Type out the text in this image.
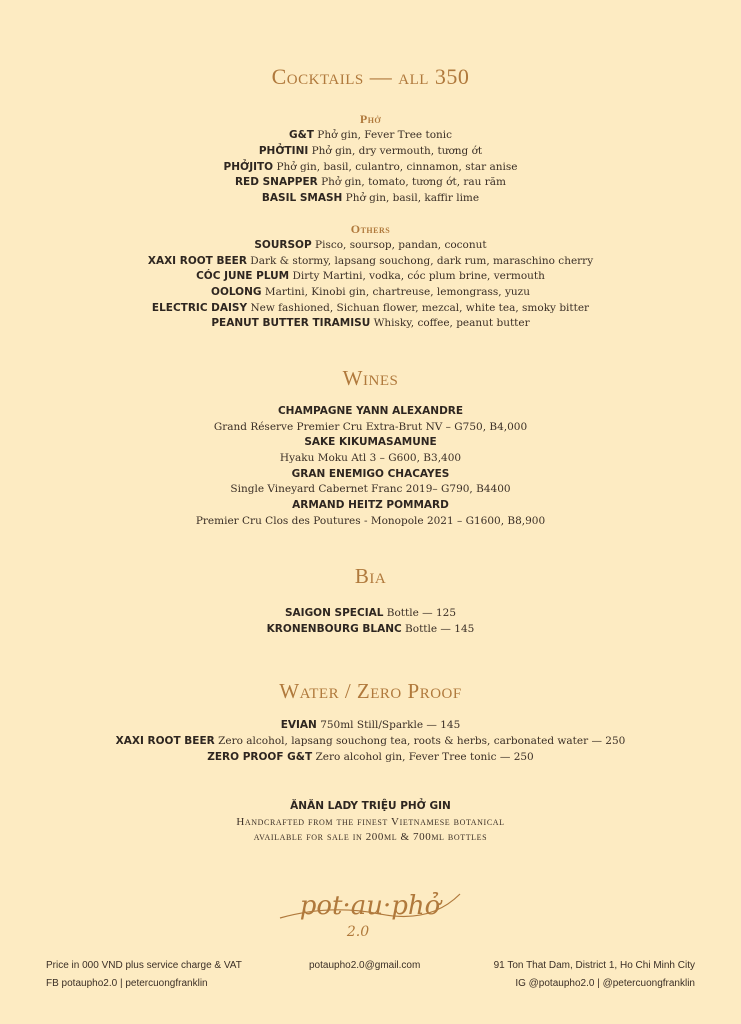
Cocktails — all 350
Phở
G&T Phở gin, Fever Tree tonic
PHỞTINI Phở gin, dry vermouth, tương ớt
PHỞJITO Phở gin, basil, culantro, cinnamon, star anise
RED SNAPPER Phở gin, tomato, tương ớt, rau răm
BASIL SMASH Phở gin, basil, kaffir lime
Others
SOURSOP Pisco, soursop, pandan, coconut
XAXI ROOT BEER Dark & stormy, lapsang souchong, dark rum, maraschino cherry
CÓC JUNE PLUM Dirty Martini, vodka, cóc plum brine, vermouth
OOLONG Martini, Kinobi gin, chartreuse, lemongrass, yuzu
ELECTRIC DAISY New fashioned, Sichuan flower, mezcal, white tea, smoky bitter
PEANUT BUTTER TIRAMISU Whisky, coffee, peanut butter
Wines
CHAMPAGNE YANN ALEXANDRE
Grand Réserve Premier Cru Extra-Brut NV – G750, B4,000
SAKE KIKUMASAMUNE
Hyaku Moku Atl 3 – G600, B3,400
GRAN ENEMIGO CHACAYES
Single Vineyard Cabernet Franc 2019– G790, B4400
ARMAND HEITZ POMMARD
Premier Cru Clos des Poutures - Monopole 2021 – G1600, B8,900
Bia
SAIGON SPECIAL Bottle — 125
KRONENBOURG BLANC Bottle — 145
Water / Zero Proof
EVIAN 750ml Still/Sparkle — 145
XAXI ROOT BEER Zero alcohol, lapsang souchong tea, roots & herbs, carbonated water — 250
ZERO PROOF G&T Zero alcohol gin, Fever Tree tonic — 250
ĂNĂN LADY TRIỆU PHỞ GIN
Handcrafted from the finest Vietnamese botanical
available for sale in 200ml & 700ml bottles
pot·au·phở
2.0
Price in 000 VND plus service charge & VAT
FB potaupho2.0 | petercuongfranklin
potaupho2.0@gmail.com	91 Ton That Dam, District 1, Ho Chi Minh City
IG @potaupho2.0 | @petercuongfranklin
